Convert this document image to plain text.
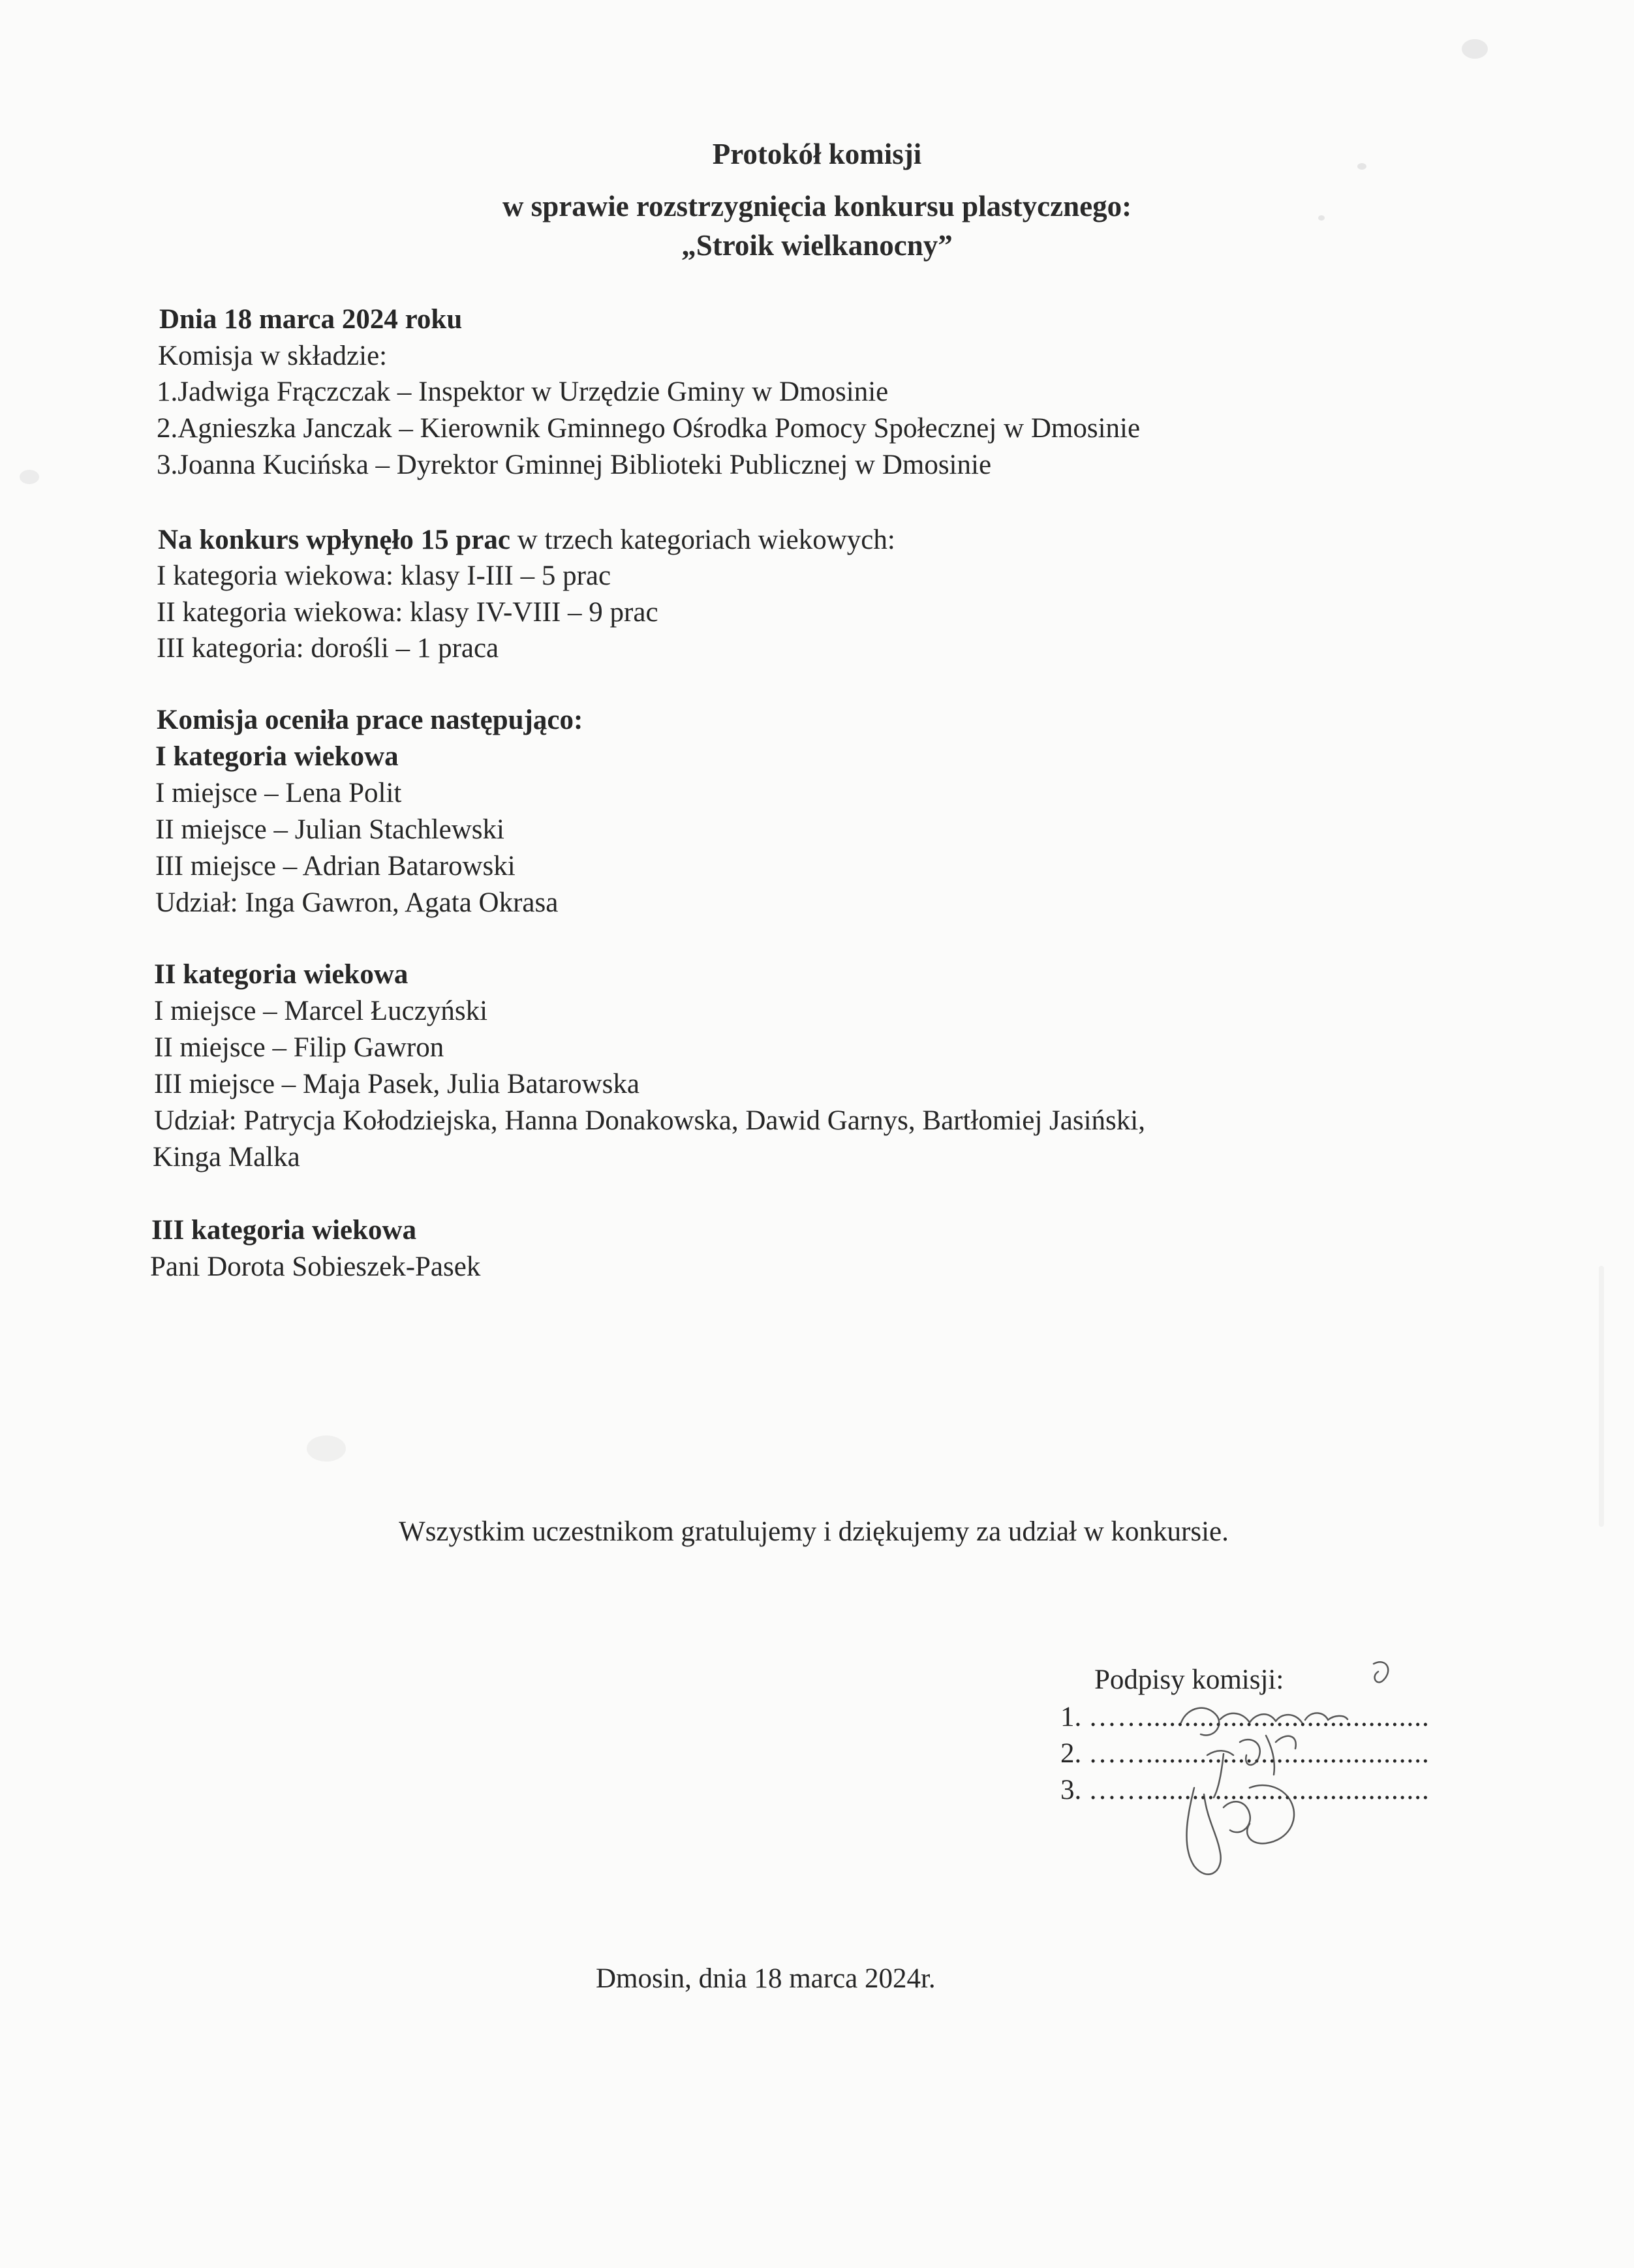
Protokół komisji
w sprawie rozstrzygnięcia konkursu plastycznego:
„Stroik wielkanocny”
Dnia 18 marca 2024 roku
Komisja w składzie:
1.Jadwiga Frączczak – Inspektor w Urzędzie Gminy w Dmosinie
2.Agnieszka Janczak – Kierownik Gminnego Ośrodka Pomocy Społecznej w Dmosinie
3.Joanna Kucińska – Dyrektor Gminnej Biblioteki Publicznej w Dmosinie
Na konkurs wpłynęło 15 prac w trzech kategoriach wiekowych:
I kategoria wiekowa: klasy I-III – 5 prac
II kategoria wiekowa: klasy IV-VIII – 9 prac
III kategoria: dorośli – 1 praca
Komisja oceniła prace następująco:
I kategoria wiekowa
I miejsce – Lena Polit
II miejsce – Julian Stachlewski
III miejsce – Adrian Batarowski
Udział: Inga Gawron, Agata Okrasa
II kategoria wiekowa
I miejsce – Marcel Łuczyński
II miejsce – Filip Gawron
III miejsce – Maja Pasek, Julia Batarowska
Udział: Patrycja Kołodziejska, Hanna Donakowska, Dawid Garnys, Bartłomiej Jasiński,
Kinga Malka
III kategoria wiekowa
Pani Dorota Sobieszek-Pasek
Wszystkim uczestnikom gratulujemy i dziękujemy za udział w konkursie.
Podpisy komisji:
1. …….....................................
2. …….....................................
3. …….....................................
Dmosin, dnia 18 marca 2024r.
